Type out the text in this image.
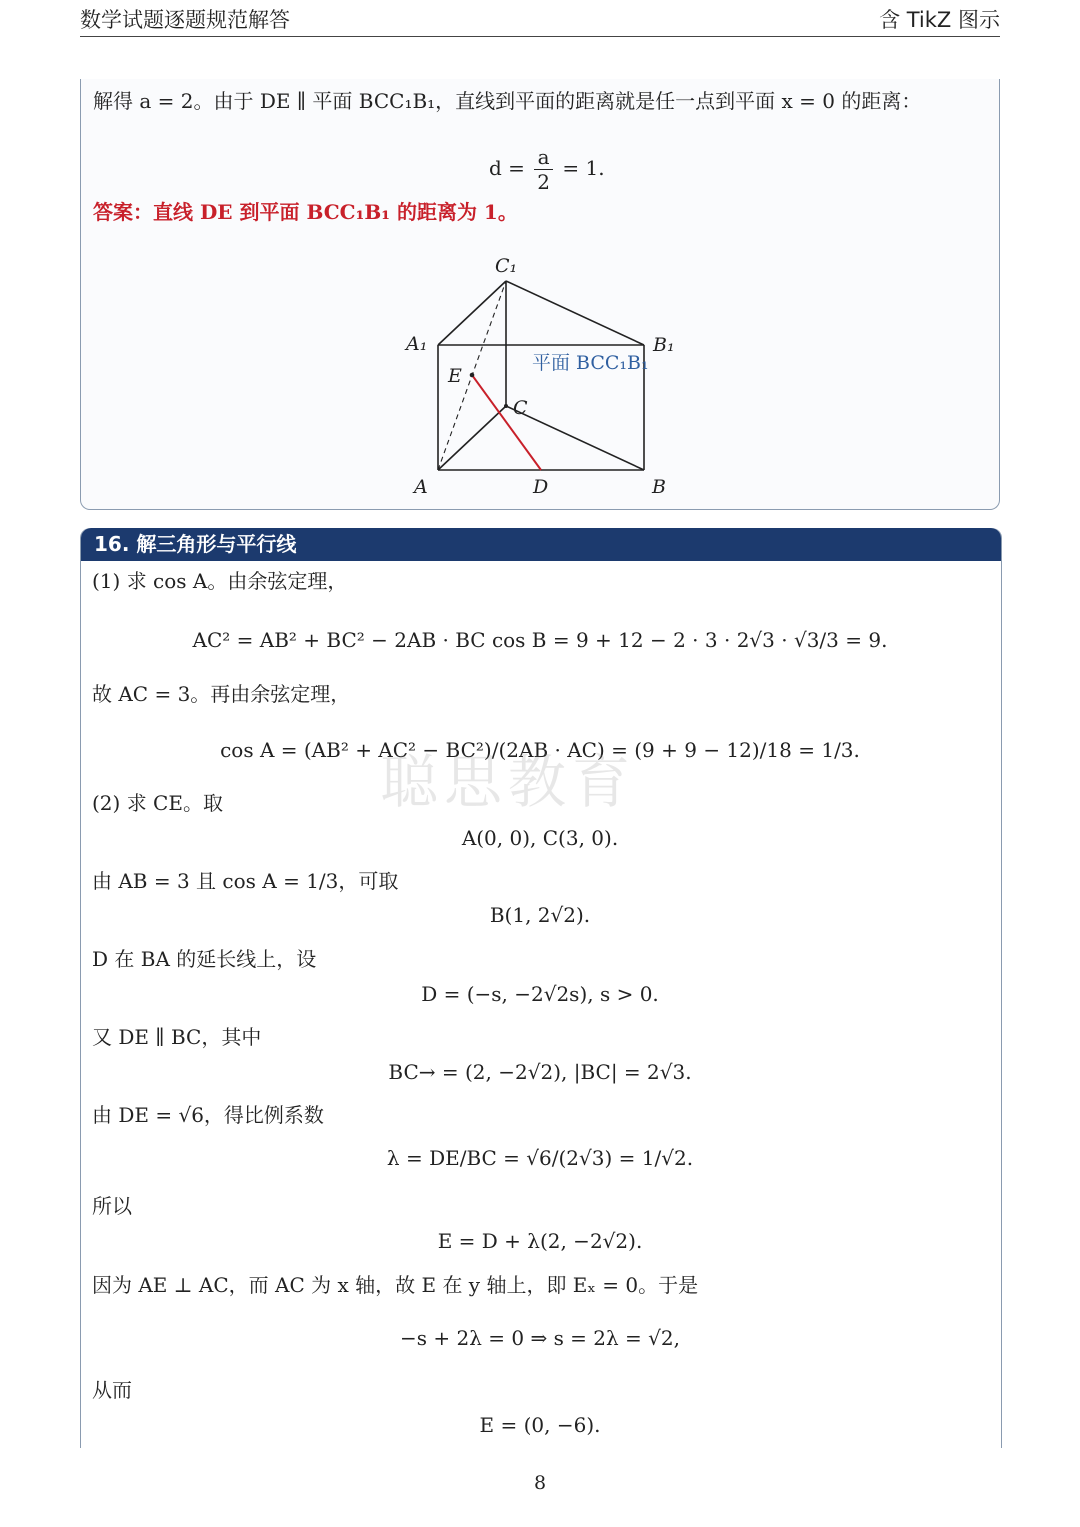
数学试题逐题规范解答	含 TikZ 图示
解得 a = 2。由于 DE ∥ 平面 BCC₁B₁，直线到平面的距离就是任一点到平面 x = 0 的距离：
$d = \frac{a}{2} = 1$.
答案：直线 DE 到平面 BCC₁B₁ 的距离为 1。
C₁
A₁	B₁
E
C
A	D	B
平面 BCC₁B₁
16. 解三角形与平行线
(1) 求 cos A。由余弦定理，
AC² = AB² + BC² − 2AB · BC cos B = 9 + 12 − 2 · 3 · 2√3 · √3/3 = 9.
故 AC = 3。再由余弦定理，
cos A = (AB² + AC² − BC²)/(2AB · AC) = (9 + 9 − 12)/18 = 1/3.
(2) 求 CE。取
A(0, 0), C(3, 0).
由 AB = 3 且 cos A = 1/3，可取
B(1, 2√2).
D 在 BA 的延长线上，设
D = (−s, −2√2s), s > 0.
又 DE ∥ BC，其中
BC→ = (2, −2√2), |BC| = 2√3.
由 DE = √6，得比例系数
λ = DE/BC = √6/(2√3) = 1/√2.
所以
E = D + λ(2, −2√2).
因为 AE ⊥ AC，而 AC 为 x 轴，故 E 在 y 轴上，即 Eₓ = 0。于是
−s + 2λ = 0 ⇒ s = 2λ = √2,
从而
E = (0, −6).
聪思教育
8
